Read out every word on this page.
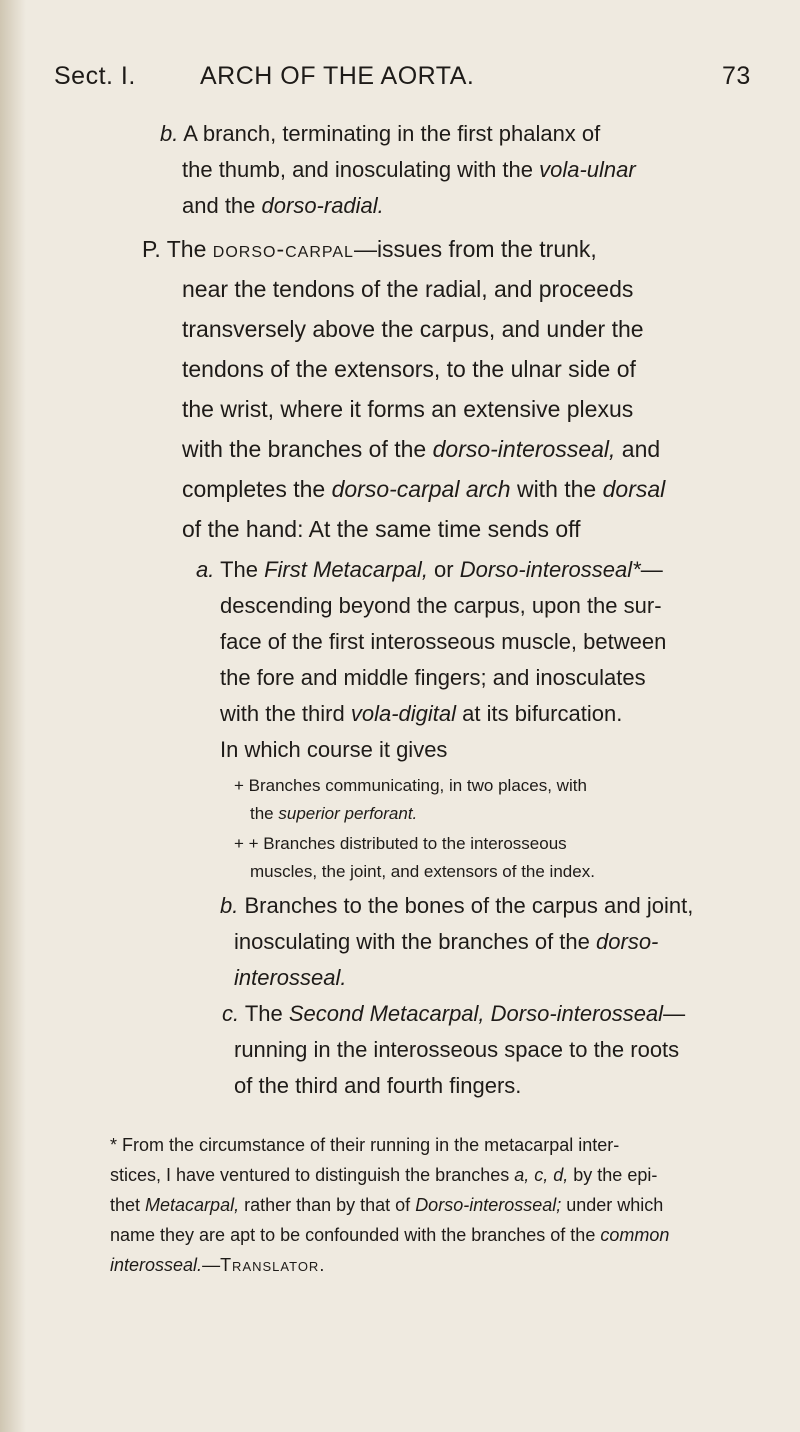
Sect. I.	ARCH OF THE AORTA.	73
b. A branch, terminating in the first phalanx of
the thumb, and inosculating with the vola-ulnar
and the dorso-radial.
P. The dorso-carpal—issues from the trunk,
near the tendons of the radial, and proceeds
transversely above the carpus, and under the
tendons of the extensors, to the ulnar side of
the wrist, where it forms an extensive plexus
with the branches of the dorso-interosseal, and
completes the dorso-carpal arch with the dorsal
of the hand: At the same time sends off
a. The First Metacarpal, or Dorso-interosseal*—
descending beyond the carpus, upon the sur-
face of the first interosseous muscle, between
the fore and middle fingers; and inosculates
with the third vola-digital at its bifurcation.
In which course it gives
+ Branches communicating, in two places, with
the superior perforant.
+ + Branches distributed to the interosseous
muscles, the joint, and extensors of the index.
b. Branches to the bones of the carpus and joint,
inosculating with the branches of the dorso-
interosseal.
c. The Second Metacarpal, Dorso-interosseal—
running in the interosseous space to the roots
of the third and fourth fingers.
* From the circumstance of their running in the metacarpal inter-
stices, I have ventured to distinguish the branches a, c, d, by the epi-
thet Metacarpal, rather than by that of Dorso-interosseal; under which
name they are apt to be confounded with the branches of the common
interosseal.—Translator.
